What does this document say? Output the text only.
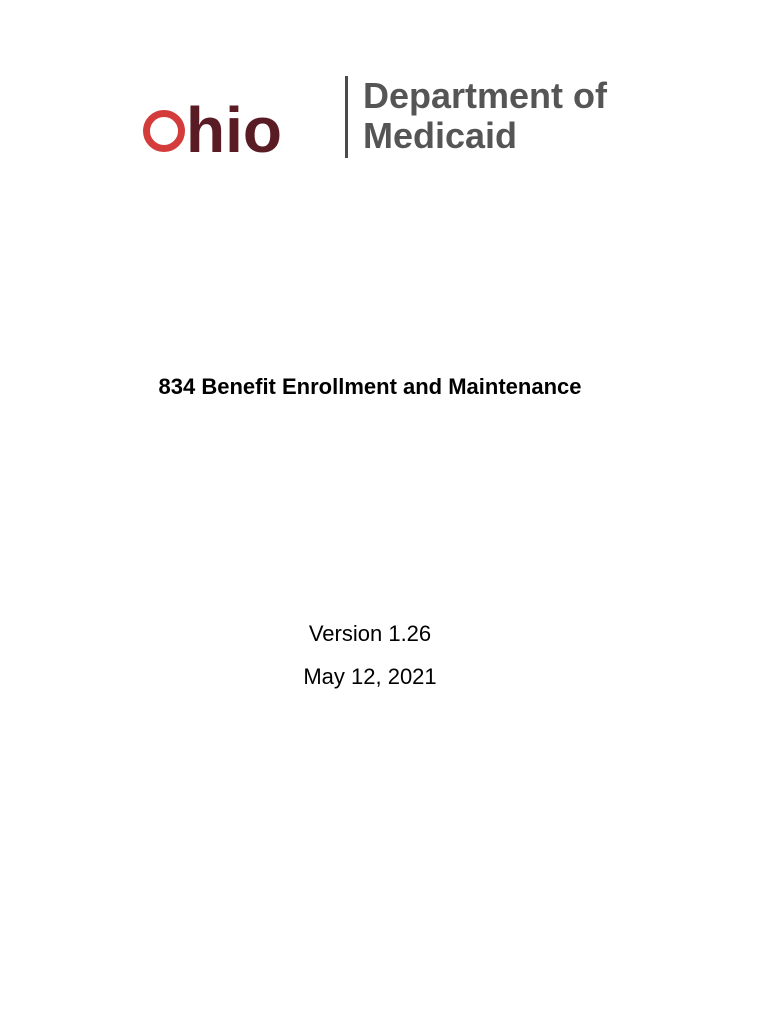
hio Department of
Medicaid
834 Benefit Enrollment and Maintenance
Version 1.26
May 12, 2021
